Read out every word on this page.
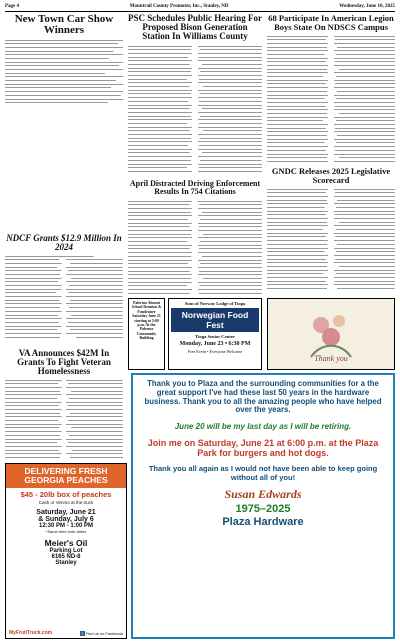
Page 4	Mountrail County Promoter, Inc., Stanley, ND	Wednesday, June 10, 2025
New Town Car Show Winners
NDCF Grants $12.9 Million In 2024
VA Announces $42M In Grants To Fight Veteran Homelessness
PSC Schedules Public Hearing For Proposed Bison Generation Station In Williams County
April Distracted Driving Enforcement Results In 754 Citations
68 Participate In American Legion Boys State On NDSCS Campus
GNDC Releases 2025 Legislative Scorecard
Palermo Alumni School Reunion & Fundraiser Saturday June 21 starting at 5:00 p.m. At the Palermo Community Building
Sons of Norway Lodge of Tioga
Norwegian Food Fest
Tioga Senior Center
Monday, June 23 • 6:30 PM
Free Event • Everyone Welcome
Thank you
DELIVERING FRESH GEORGIA PEACHES
$45 - 20lb box of peaches
Cash or Venmo at the truck
Saturday, June 21
& Sunday, July 6
12:30 PM - 1:00 PM
*Same time both dates
Meier's Oil
Parking Lot
6165 ND-8
Stanley
MyFruitTruck.com	f Find us on Facebook
Thank you to Plaza and the surrounding communities for a the great support I've had these last 50 years in the hardware business. Thank you to all the amazing people who have helped over the years.
June 20 will be my last day as I will be retiring.
Join me on Saturday, June 21 at 6:00 p.m. at the Plaza Park for burgers and hot dogs.
Thank you all again as I would not have been able to keep going without all of you!
Susan Edwards
1975–2025
Plaza Hardware
